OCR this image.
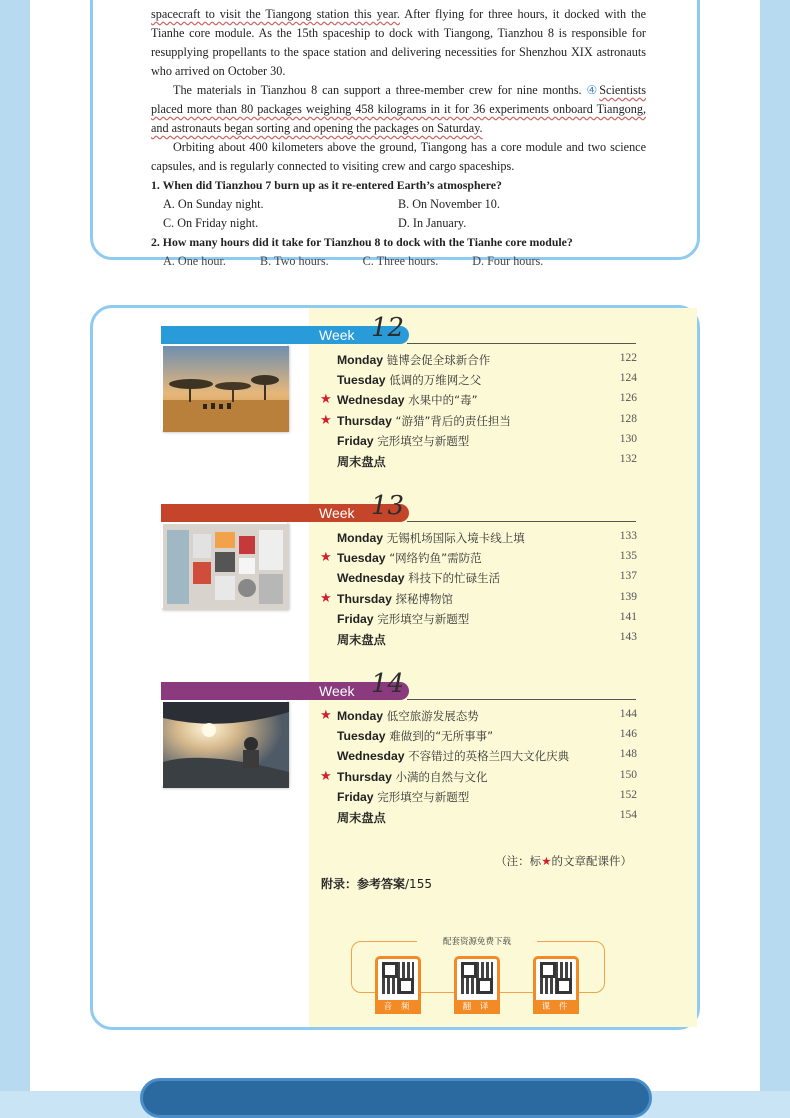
spacecraft to visit the Tiangong station this year. After flying for three hours, it docked with the Tianhe core module. As the 15th spaceship to dock with Tiangong, Tianzhou 8 is responsible for resupplying propellants to the space station and delivering necessities for Shenzhou XIX astronauts who arrived on October 30.

The materials in Tianzhou 8 can support a three-member crew for nine months. ④Scientists placed more than 80 packages weighing 458 kilograms in it for 36 experiments onboard Tiangong, and astronauts began sorting and opening the packages on Saturday.

Orbiting about 400 kilometers above the ground, Tiangong has a core module and two science capsules, and is regularly connected to visiting crew and cargo spaceships.

1. When did Tianzhou 7 burn up as it re-entered Earth’s atmosphere?
A. On Sunday night.	B. On November 10.
C. On Friday night.	D. In January.
2. How many hours did it take for Tianzhou 8 to dock with the Tianhe core module?
A. One hour.	B. Two hours.	C. Three hours.	D. Four hours.
Week 12
Monday 链博会促全球新合作	122
Tuesday 低调的万维网之父	124
★ Wednesday 水果中的“毒”	126
★ Thursday “游猎”背后的责任担当	128
Friday 完形填空与新题型	130
周末盘点	132
Week 13
Monday 无锡机场国际入境卡线上填	133
★ Tuesday “网络钓鱼”需防范	135
Wednesday 科技下的忙碌生活	137
★ Thursday 探秘博物馆	139
Friday 完形填空与新题型	141
周末盘点	143
Week 14
★ Monday 低空旅游发展态势	144
Tuesday 难做到的“无所事事”	146
Wednesday 不容错过的英格兰四大文化庆典	148
★ Thursday 小满的自然与文化	150
Friday 完形填空与新题型	152
周末盘点	154
（注：标★的文章配课件）
附录：参考答案/155
配套资源免费下载
音 频	翻 译	课 件
